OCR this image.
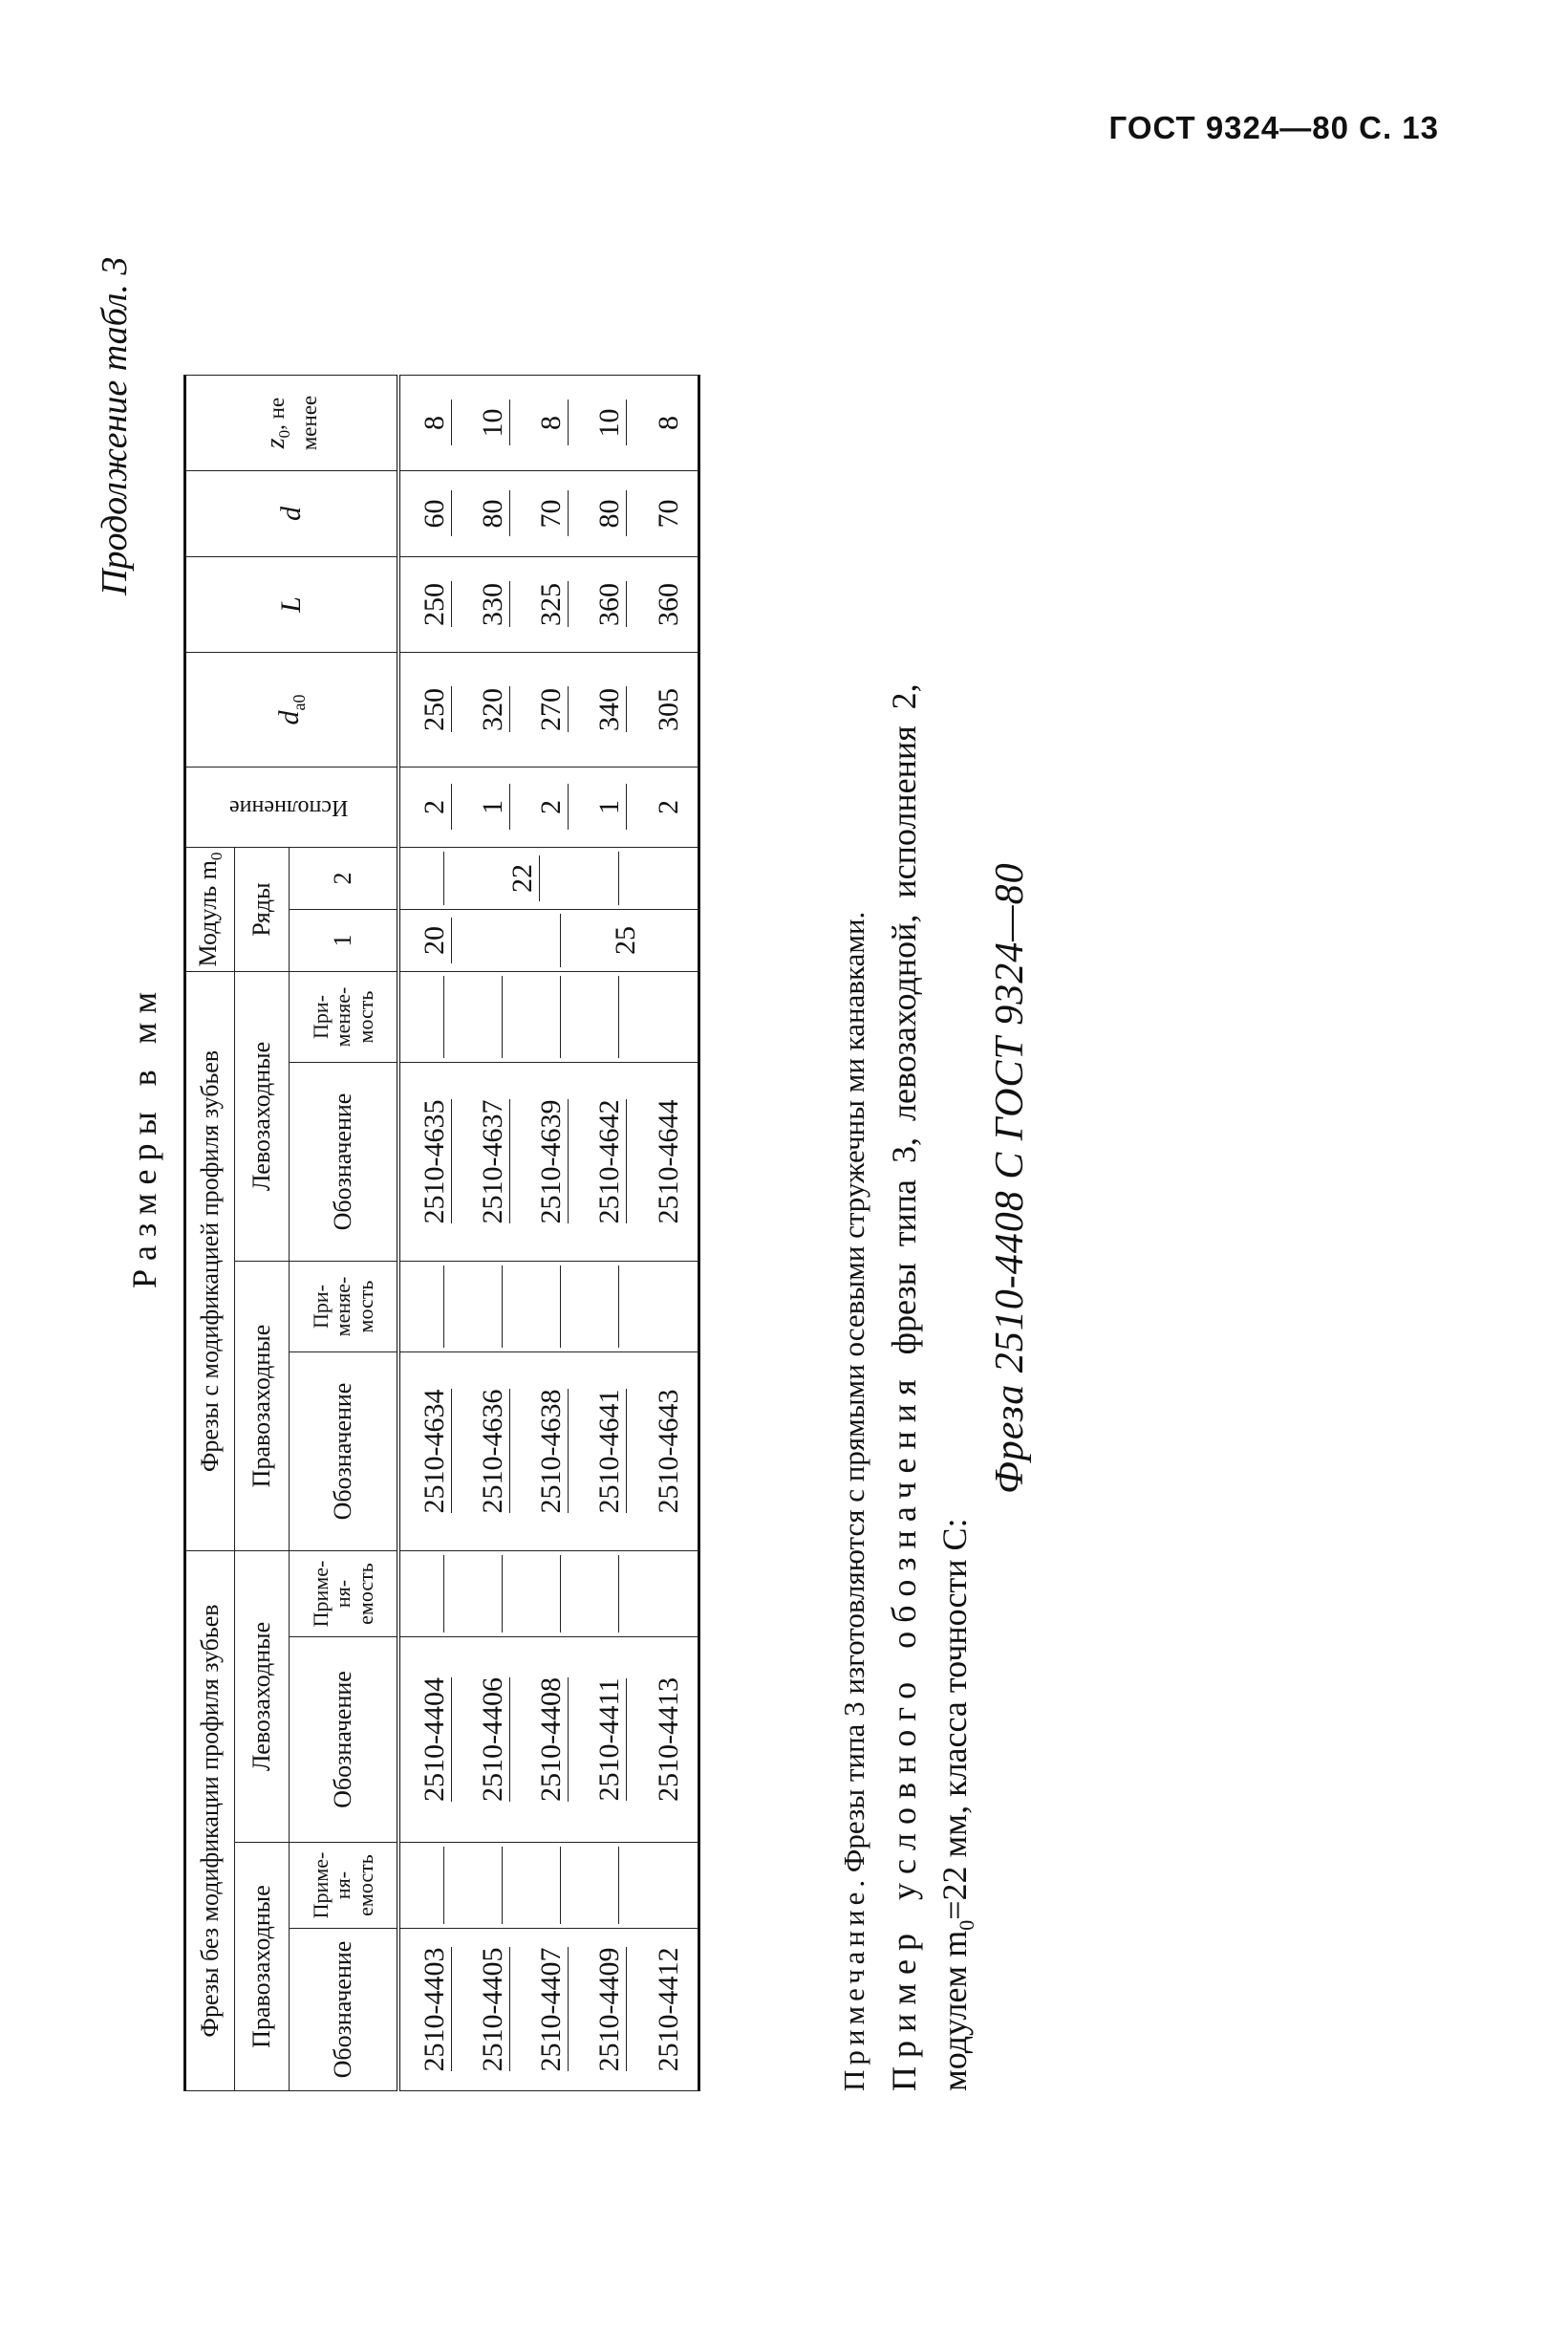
ГОСТ 9324—80 С. 13
Продолжение табл. 3
Размеры в мм
Фрезы без модификации профиля зубьев				Фрезы с модификацией профиля зубьев				Модуль $m_0$		Исполнение	$d_{a0}$	L	d	$z_0$, не менее
Правозаходные		Левозаходные		Правозаходные		Левозаходные		Ряды						
Обозначение	Приме-ня-емость	Обозначение	Приме-ня-емость	Обозначение	При-меняе-мость	Обозначение	При-меняе-мость	1	2					
2510-4403		2510-4404		2510-4634		2510-4635		20		2	250	250	60	8
2510-4405		2510-4406		2510-4636		2510-4637			22	1	320	330	80	10
2510-4407		2510-4408		2510-4638		2510-4639				2	270	325	70	8
2510-4409		2510-4411		2510-4641		2510-4642		25		1	340	360	80	10
2510-4412		2510-4413		2510-4643		2510-4644				2	305	360	70	8
Примечание. Фрезы типа 3 изготовляются с прямыми осевыми стружечны ми канавками. Пример условного обозначения фрезы типа 3, левозаходной, исполнения 2,
модулем $m_0=22$ мм, класса точности С:
Фреза 2510-4408 С ГОСТ 9324—80
